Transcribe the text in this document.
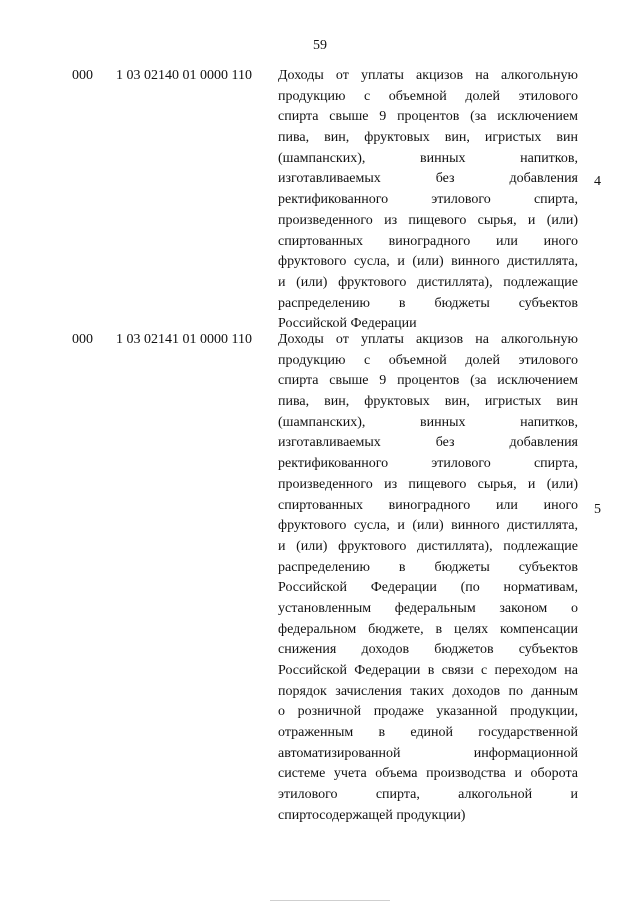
59
000 1 03 02140 01 0000 110 Доходы от уплаты акцизов на алкогольную
продукцию с объемной долей этилового
спирта свыше 9 процентов (за исключением
пива, вин, фруктовых вин, игристых вин
(шампанских), винных напитков,
изготавливаемых без добавления
ректификованного этилового спирта,
произведенного из пищевого сырья, и (или)
спиртованных виноградного или иного
фруктового сусла, и (или) винного дистиллята,
и (или) фруктового дистиллята), подлежащие
распределению в бюджеты субъектов
Российской Федерации
4
000 1 03 02141 01 0000 110 Доходы от уплаты акцизов на алкогольную
продукцию с объемной долей этилового
спирта свыше 9 процентов (за исключением
пива, вин, фруктовых вин, игристых вин
(шампанских), винных напитков,
изготавливаемых без добавления
ректификованного этилового спирта,
произведенного из пищевого сырья, и (или)
спиртованных виноградного или иного
фруктового сусла, и (или) винного дистиллята,
и (или) фруктового дистиллята), подлежащие
распределению в бюджеты субъектов
Российской Федерации (по нормативам,
установленным федеральным законом о
федеральном бюджете, в целях компенсации
снижения доходов бюджетов субъектов
Российской Федерации в связи с переходом на
порядок зачисления таких доходов по данным
о розничной продаже указанной продукции,
отраженным в единой государственной
автоматизированной информационной
системе учета объема производства и оборота
этилового спирта, алкогольной и
спиртосодержащей продукции)
5
